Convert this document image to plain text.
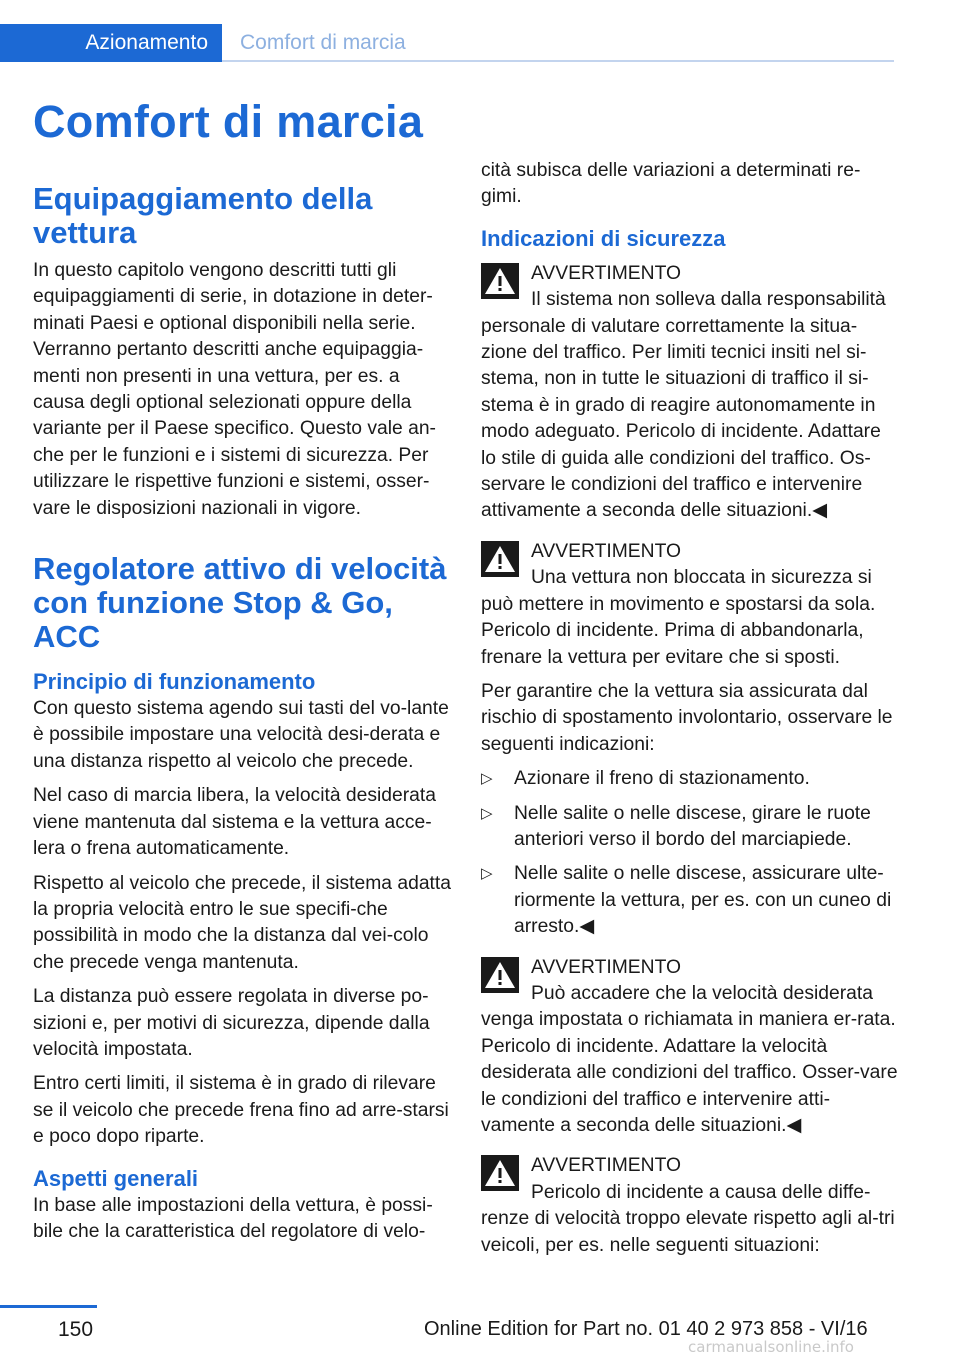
Azionamento	Comfort di marcia
Comfort di marcia
Equipaggiamento della vettura

In questo capitolo vengono descritti tutti gli equipaggiamenti di serie, in dotazione in deter-minati Paesi e optional disponibili nella serie. Verranno pertanto descritti anche equipaggia-menti non presenti in una vettura, per es. a causa degli optional selezionati oppure della variante per il Paese specifico. Questo vale an-che per le funzioni e i sistemi di sicurezza. Per utilizzare le rispettive funzioni e sistemi, osser-vare le disposizioni nazionali in vigore.

Regolatore attivo di velocità con funzione Stop & Go, ACC
Principio di funzionamento

Con questo sistema agendo sui tasti del vo-lante è possibile impostare una velocità desi-derata e una distanza rispetto al veicolo che precede.

Nel caso di marcia libera, la velocità desiderata viene mantenuta dal sistema e la vettura acce-lera o frena automaticamente.

Rispetto al veicolo che precede, il sistema adatta la propria velocità entro le sue specifi-che possibilità in modo che la distanza dal vei-colo che precede venga mantenuta.

La distanza può essere regolata in diverse po-sizioni e, per motivi di sicurezza, dipende dalla velocità impostata.

Entro certi limiti, il sistema è in grado di rilevare se il veicolo che precede frena fino ad arre-starsi e poco dopo riparte.

Aspetti generali

In base alle impostazioni della vettura, è possi-bile che la caratteristica del regolatore di velo-

cità subisca delle variazioni a determinati re-gimi.

Indicazioni di sicurezza

AVVERTIMENTO

Il sistema non solleva dalla responsabilità

personale di valutare correttamente la situa-zione del traffico. Per limiti tecnici insiti nel si-stema, non in tutte le situazioni di traffico il si-stema è in grado di reagire autonomamente in modo adeguato. Pericolo di incidente. Adattare lo stile di guida alle condizioni del traffico. Os-servare le condizioni del traffico e intervenire attivamente a seconda delle situazioni.◀

AVVERTIMENTO

Una vettura non bloccata in sicurezza si

può mettere in movimento e spostarsi da sola. Pericolo di incidente. Prima di abbandonarla, frenare la vettura per evitare che si sposti.

Per garantire che la vettura sia assicurata dal rischio di spostamento involontario, osservare le seguenti indicazioni:

▷ Azionare il freno di stazionamento.

▷ Nelle salite o nelle discese, girare le ruote anteriori verso il bordo del marciapiede.

▷ Nelle salite o nelle discese, assicurare ulte-riormente la vettura, per es. con un cuneo di arresto.◀

AVVERTIMENTO

Può accadere che la velocità desiderata

venga impostata o richiamata in maniera er-rata. Pericolo di incidente. Adattare la velocità desiderata alle condizioni del traffico. Osser-vare le condizioni del traffico e intervenire atti-vamente a seconda delle situazioni.◀

AVVERTIMENTO

Pericolo di incidente a causa delle diffe-

renze di velocità troppo elevate rispetto agli al-tri veicoli, per es. nelle seguenti situazioni:

150	Online Edition for Part no. 01 40 2 973 858 - VI/16
carmanualsonline.info
